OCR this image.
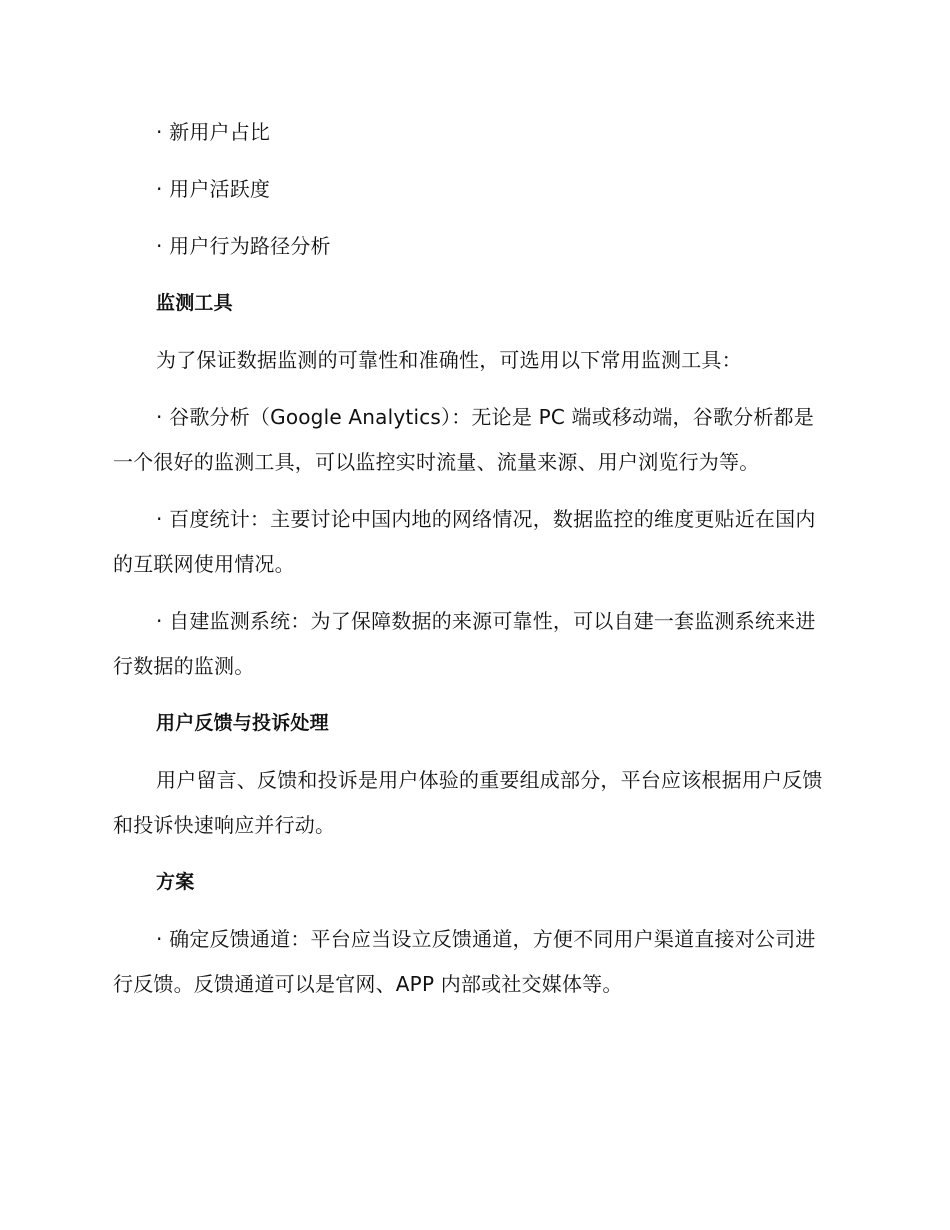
· 新用户占比

· 用户活跃度

· 用户行为路径分析

监测工具

为了保证数据监测的可靠性和准确性，可选用以下常用监测工具：

· 谷歌分析（Google Analytics）：无论是 PC 端或移动端，谷歌分析都是一个很好的监测工具，可以监控实时流量、流量来源、用户浏览行为等。

· 百度统计：主要讨论中国内地的网络情况，数据监控的维度更贴近在国内的互联网使用情况。

· 自建监测系统：为了保障数据的来源可靠性，可以自建一套监测系统来进行数据的监测。

用户反馈与投诉处理

用户留言、反馈和投诉是用户体验的重要组成部分，平台应该根据用户反馈和投诉快速响应并行动。

方案

· 确定反馈通道：平台应当设立反馈通道，方便不同用户渠道直接对公司进行反馈。反馈通道可以是官网、APP 内部或社交媒体等。
